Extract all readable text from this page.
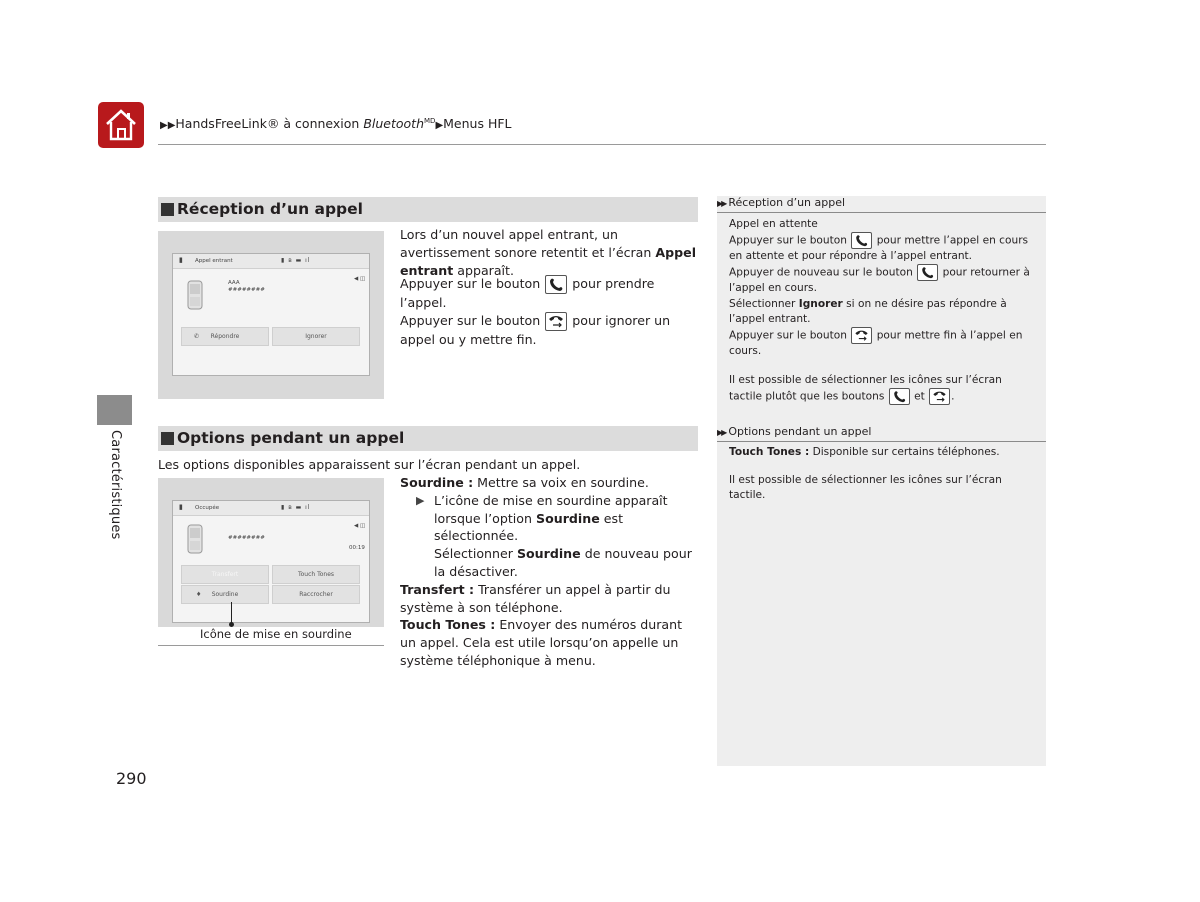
▶▶HandsFreeLink® à connexion Bluetooth$^{MD}$▶Menus HFL
Caractéristiques
Réception d’un appel
▮ Appel entrant	▮ ʙ ▬ ıl
◀ ◫
AAA
########
✆ Répondre	Ignorer
Lors d’un nouvel appel entrant, un avertissement sonore retentit et l’écran Appel entrant apparaît.
Appuyer sur le bouton
pour prendre l’appel.
Appuyer sur le bouton
pour ignorer un appel ou y mettre fin.
Options pendant un appel
Les options disponibles apparaissent sur l’écran pendant un appel.
▮ Occupée	▮ ʙ ▬ ıl
◀ ◫
########
00:19
Transfert	Touch Tones
♦ Sourdine	Raccrocher
Icône de mise en sourdine
Sourdine : Mettre sa voix en sourdine.
▶ L’icône de mise en sourdine apparaît lorsque l’option Sourdine est sélectionnée.
Sélectionner Sourdine de nouveau pour la désactiver.
Transfert : Transférer un appel à partir du système à son téléphone.
Touch Tones : Envoyer des numéros durant un appel. Cela est utile lorsqu’on appelle un système téléphonique à menu.
▶▶ Réception d’un appel
Appel en attente
Appuyer sur le bouton
pour mettre l’appel en cours en attente et pour répondre à l’appel entrant.
Appuyer de nouveau sur le bouton
pour retourner à l’appel en cours.
Sélectionner Ignorer si on ne désire pas répondre à l’appel entrant.
Appuyer sur le bouton
pour mettre fin à l’appel en cours.

Il est possible de sélectionner les icônes sur l’écran tactile plutôt que les boutons
et
.
▶▶ Options pendant un appel
Touch Tones : Disponible sur certains téléphones.

Il est possible de sélectionner les icônes sur l’écran tactile.
290
